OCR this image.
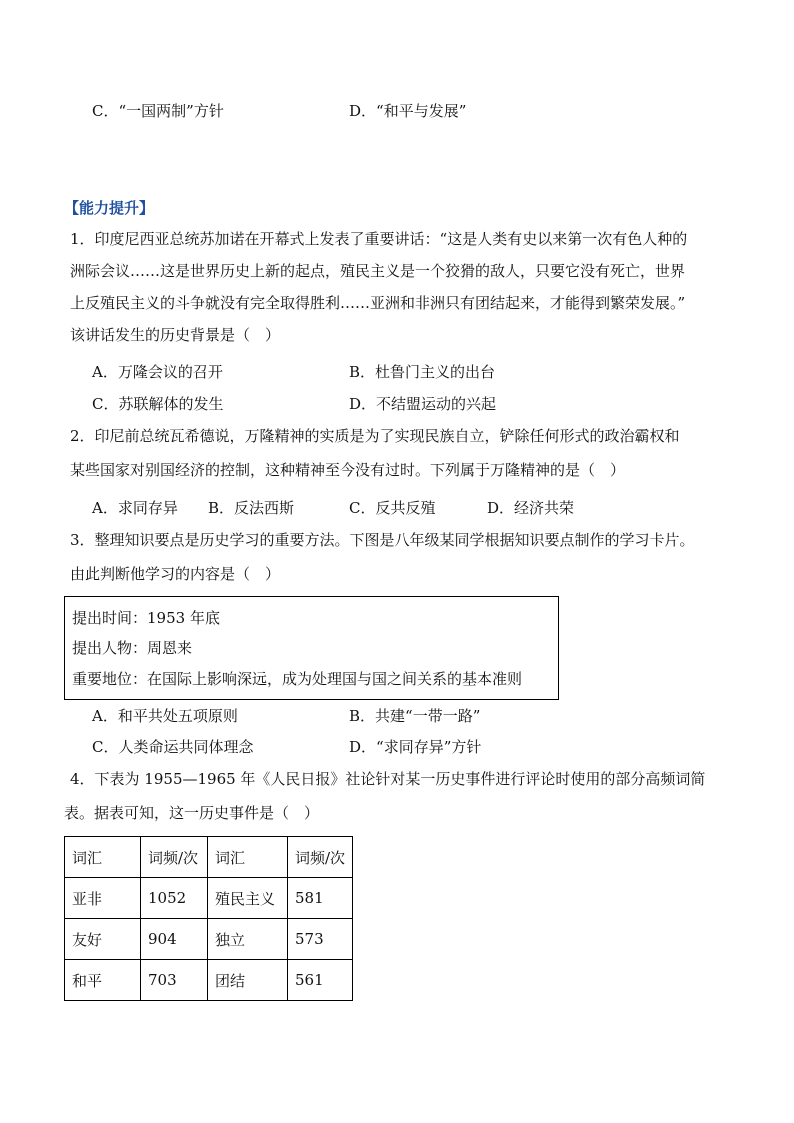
C．“一国两制”方针	D．“和平与发展”
【能力提升】
1．印度尼西亚总统苏加诺在开幕式上发表了重要讲话：“这是人类有史以来第一次有色人种的
洲际会议……这是世界历史上新的起点，殖民主义是一个狡猾的敌人，只要它没有死亡，世界
上反殖民主义的斗争就没有完全取得胜利……亚洲和非洲只有团结起来，才能得到繁荣发展。”
该讲话发生的历史背景是（　）
A．万隆会议的召开	B．杜鲁门主义的出台
C．苏联解体的发生	D．不结盟运动的兴起
2．印尼前总统瓦希德说，万隆精神的实质是为了实现民族自立，铲除任何形式的政治霸权和
某些国家对别国经济的控制，这种精神至今没有过时。下列属于万隆精神的是（　）
A．求同存异 B．反法西斯	C．反共反殖	D．经济共荣
3．整理知识要点是历史学习的重要方法。下图是八年级某同学根据知识要点制作的学习卡片。
由此判断他学习的内容是（　）
提出时间：1953 年底
提出人物：周恩来
重要地位：在国际上影响深远，成为处理国与国之间关系的基本准则
A．和平共处五项原则	B．共建“一带一路”
C．人类命运共同体理念	D．“求同存异”方针
4．下表为 1955—1965 年《人民日报》社论针对某一历史事件进行评论时使用的部分高频词简
表。据表可知，这一历史事件是（　）
词汇	词频/次	词汇	词频/次
亚非	1052	殖民主义	581
友好	904	独立	573
和平	703	团结	561
